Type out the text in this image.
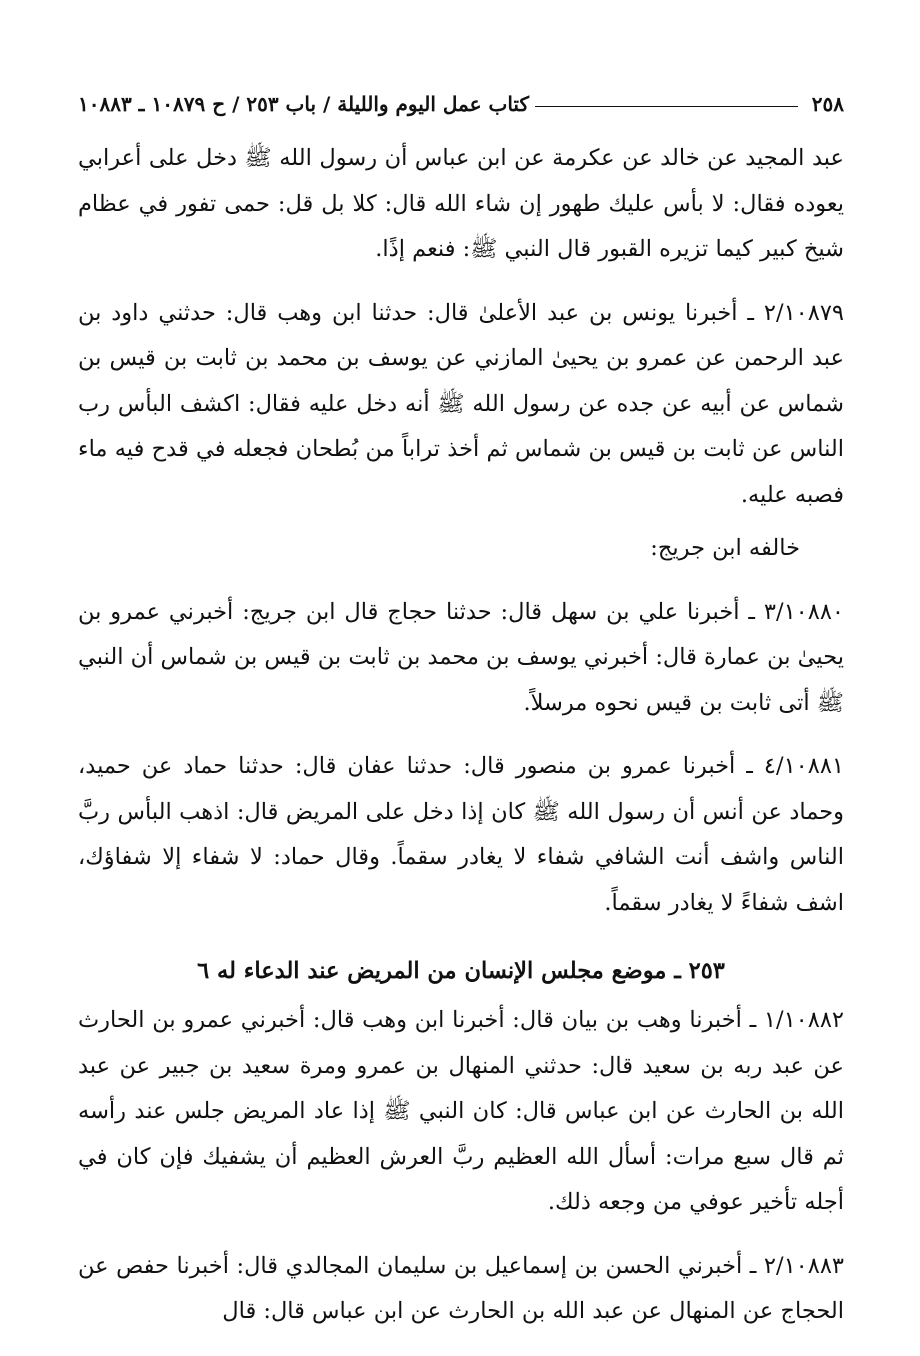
٢٥٨
كتاب عمل اليوم والليلة / باب ٢٥٣ / ح ١٠٨٧٩ ـ ١٠٨٨٣

عبد المجيد عن خالد عن عكرمة عن ابن عباس أن رسول الله ﷺ دخل على أعرابي يعوده فقال: لا بأس عليك طهور إن شاء الله قال: كلا بل قل: حمى تفور في عظام شيخ كبير كيما تزيره القبور قال النبي ﷺ: فنعم إذًا.

٢/١٠٨٧٩ ـ أخبرنا يونس بن عبد الأعلىٰ قال: حدثنا ابن وهب قال: حدثني داود بن عبد الرحمن عن عمرو بن يحيىٰ المازني عن يوسف بن محمد بن ثابت بن قيس بن شماس عن أبيه عن جده عن رسول الله ﷺ أنه دخل عليه فقال: اكشف البأس رب الناس عن ثابت بن قيس بن شماس ثم أخذ تراباً من بُطحان فجعله في قدح فيه ماء فصبه عليه.

خالفه ابن جريج:

٣/١٠٨٨٠ ـ أخبرنا علي بن سهل قال: حدثنا حجاج قال ابن جريج: أخبرني عمرو بن يحيىٰ بن عمارة قال: أخبرني يوسف بن محمد بن ثابت بن قيس بن شماس أن النبي ﷺ أتى ثابت بن قيس نحوه مرسلاً.

٤/١٠٨٨١ ـ أخبرنا عمرو بن منصور قال: حدثنا عفان قال: حدثنا حماد عن حميد، وحماد عن أنس أن رسول الله ﷺ كان إذا دخل على المريض قال: اذهب البأس ربَّ الناس واشف أنت الشافي شفاء لا يغادر سقماً. وقال حماد: لا شفاء إلا شفاؤك، اشف شفاءً لا يغادر سقماً.

٢٥٣ ـ موضع مجلس الإنسان من المريض عند الدعاء له ٦

١/١٠٨٨٢ ـ أخبرنا وهب بن بيان قال: أخبرنا ابن وهب قال: أخبرني عمرو بن الحارث عن عبد ربه بن سعيد قال: حدثني المنهال بن عمرو ومرة سعيد بن جبير عن عبد الله بن الحارث عن ابن عباس قال: كان النبي ﷺ إذا عاد المريض جلس عند رأسه ثم قال سبع مرات: أسأل الله العظيم ربَّ العرش العظيم أن يشفيك فإن كان في أجله تأخير عوفي من وجعه ذلك.

٢/١٠٨٨٣ ـ أخبرني الحسن بن إسماعيل بن سليمان المجالدي قال: أخبرنا حفص عن الحجاج عن المنهال عن عبد الله بن الحارث عن ابن عباس قال: قال
